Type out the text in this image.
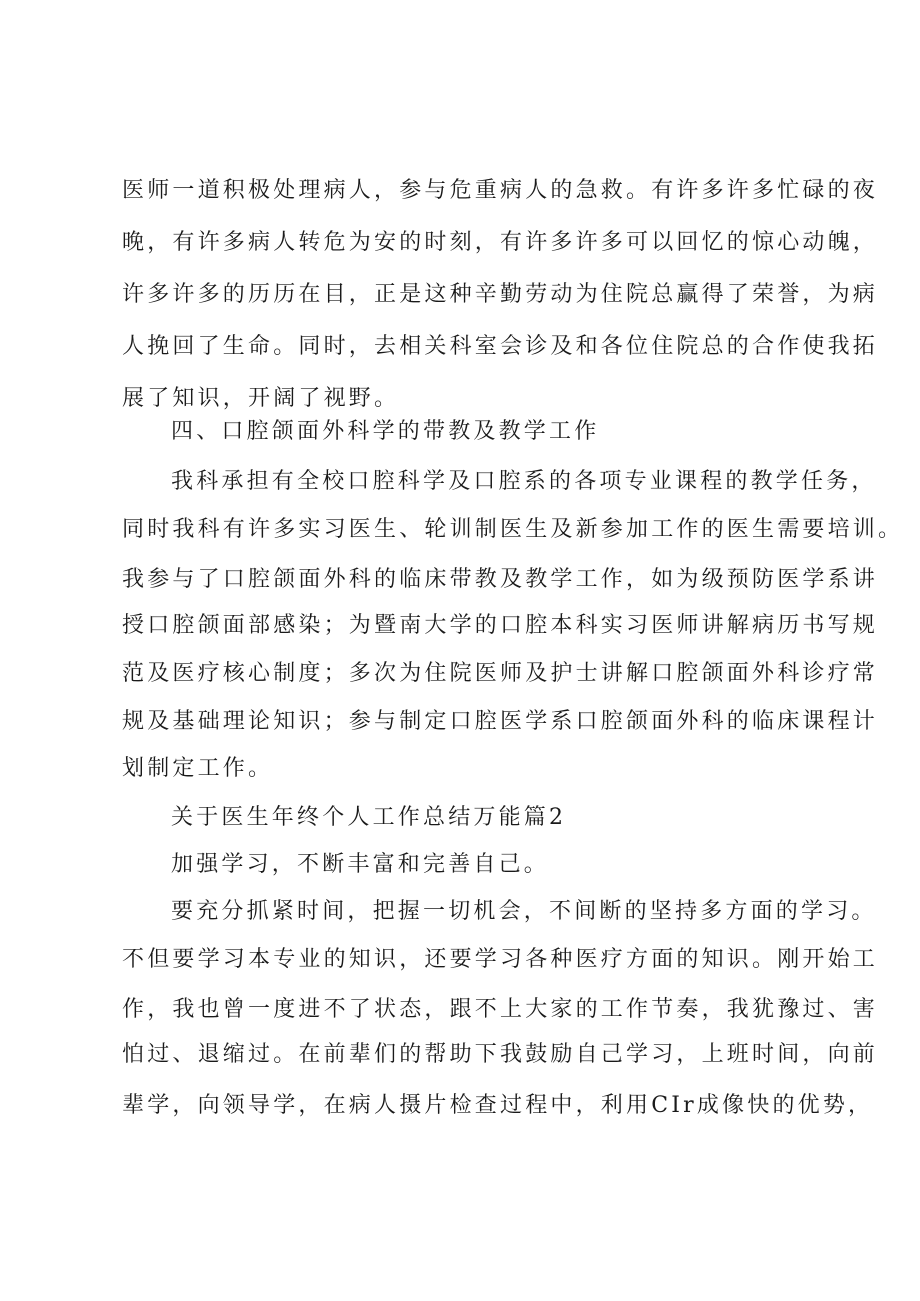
医师一道积极处理病人，参与危重病人的急救。有许多许多忙碌的夜

晚，有许多病人转危为安的时刻，有许多许多可以回忆的惊心动魄，

许多许多的历历在目，正是这种辛勤劳动为住院总赢得了荣誉，为病

人挽回了生命。同时，去相关科室会诊及和各位住院总的合作使我拓

展了知识，开阔了视野。

四、口腔颌面外科学的带教及教学工作

我科承担有全校口腔科学及口腔系的各项专业课程的教学任务，

同时我科有许多实习医生、轮训制医生及新参加工作的医生需要培训。

我参与了口腔颌面外科的临床带教及教学工作，如为级预防医学系讲

授口腔颌面部感染；为暨南大学的口腔本科实习医师讲解病历书写规

范及医疗核心制度；多次为住院医师及护士讲解口腔颌面外科诊疗常

规及基础理论知识；参与制定口腔医学系口腔颌面外科的临床课程计

划制定工作。

关于医生年终个人工作总结万能篇2

加强学习，不断丰富和完善自己。

要充分抓紧时间，把握一切机会，不间断的坚持多方面的学习。

不但要学习本专业的知识，还要学习各种医疗方面的知识。刚开始工

作，我也曾一度进不了状态，跟不上大家的工作节奏，我犹豫过、害

怕过、退缩过。在前辈们的帮助下我鼓励自己学习，上班时间，向前

辈学，向领导学，在病人摄片检查过程中，利用CIr成像快的优势，
